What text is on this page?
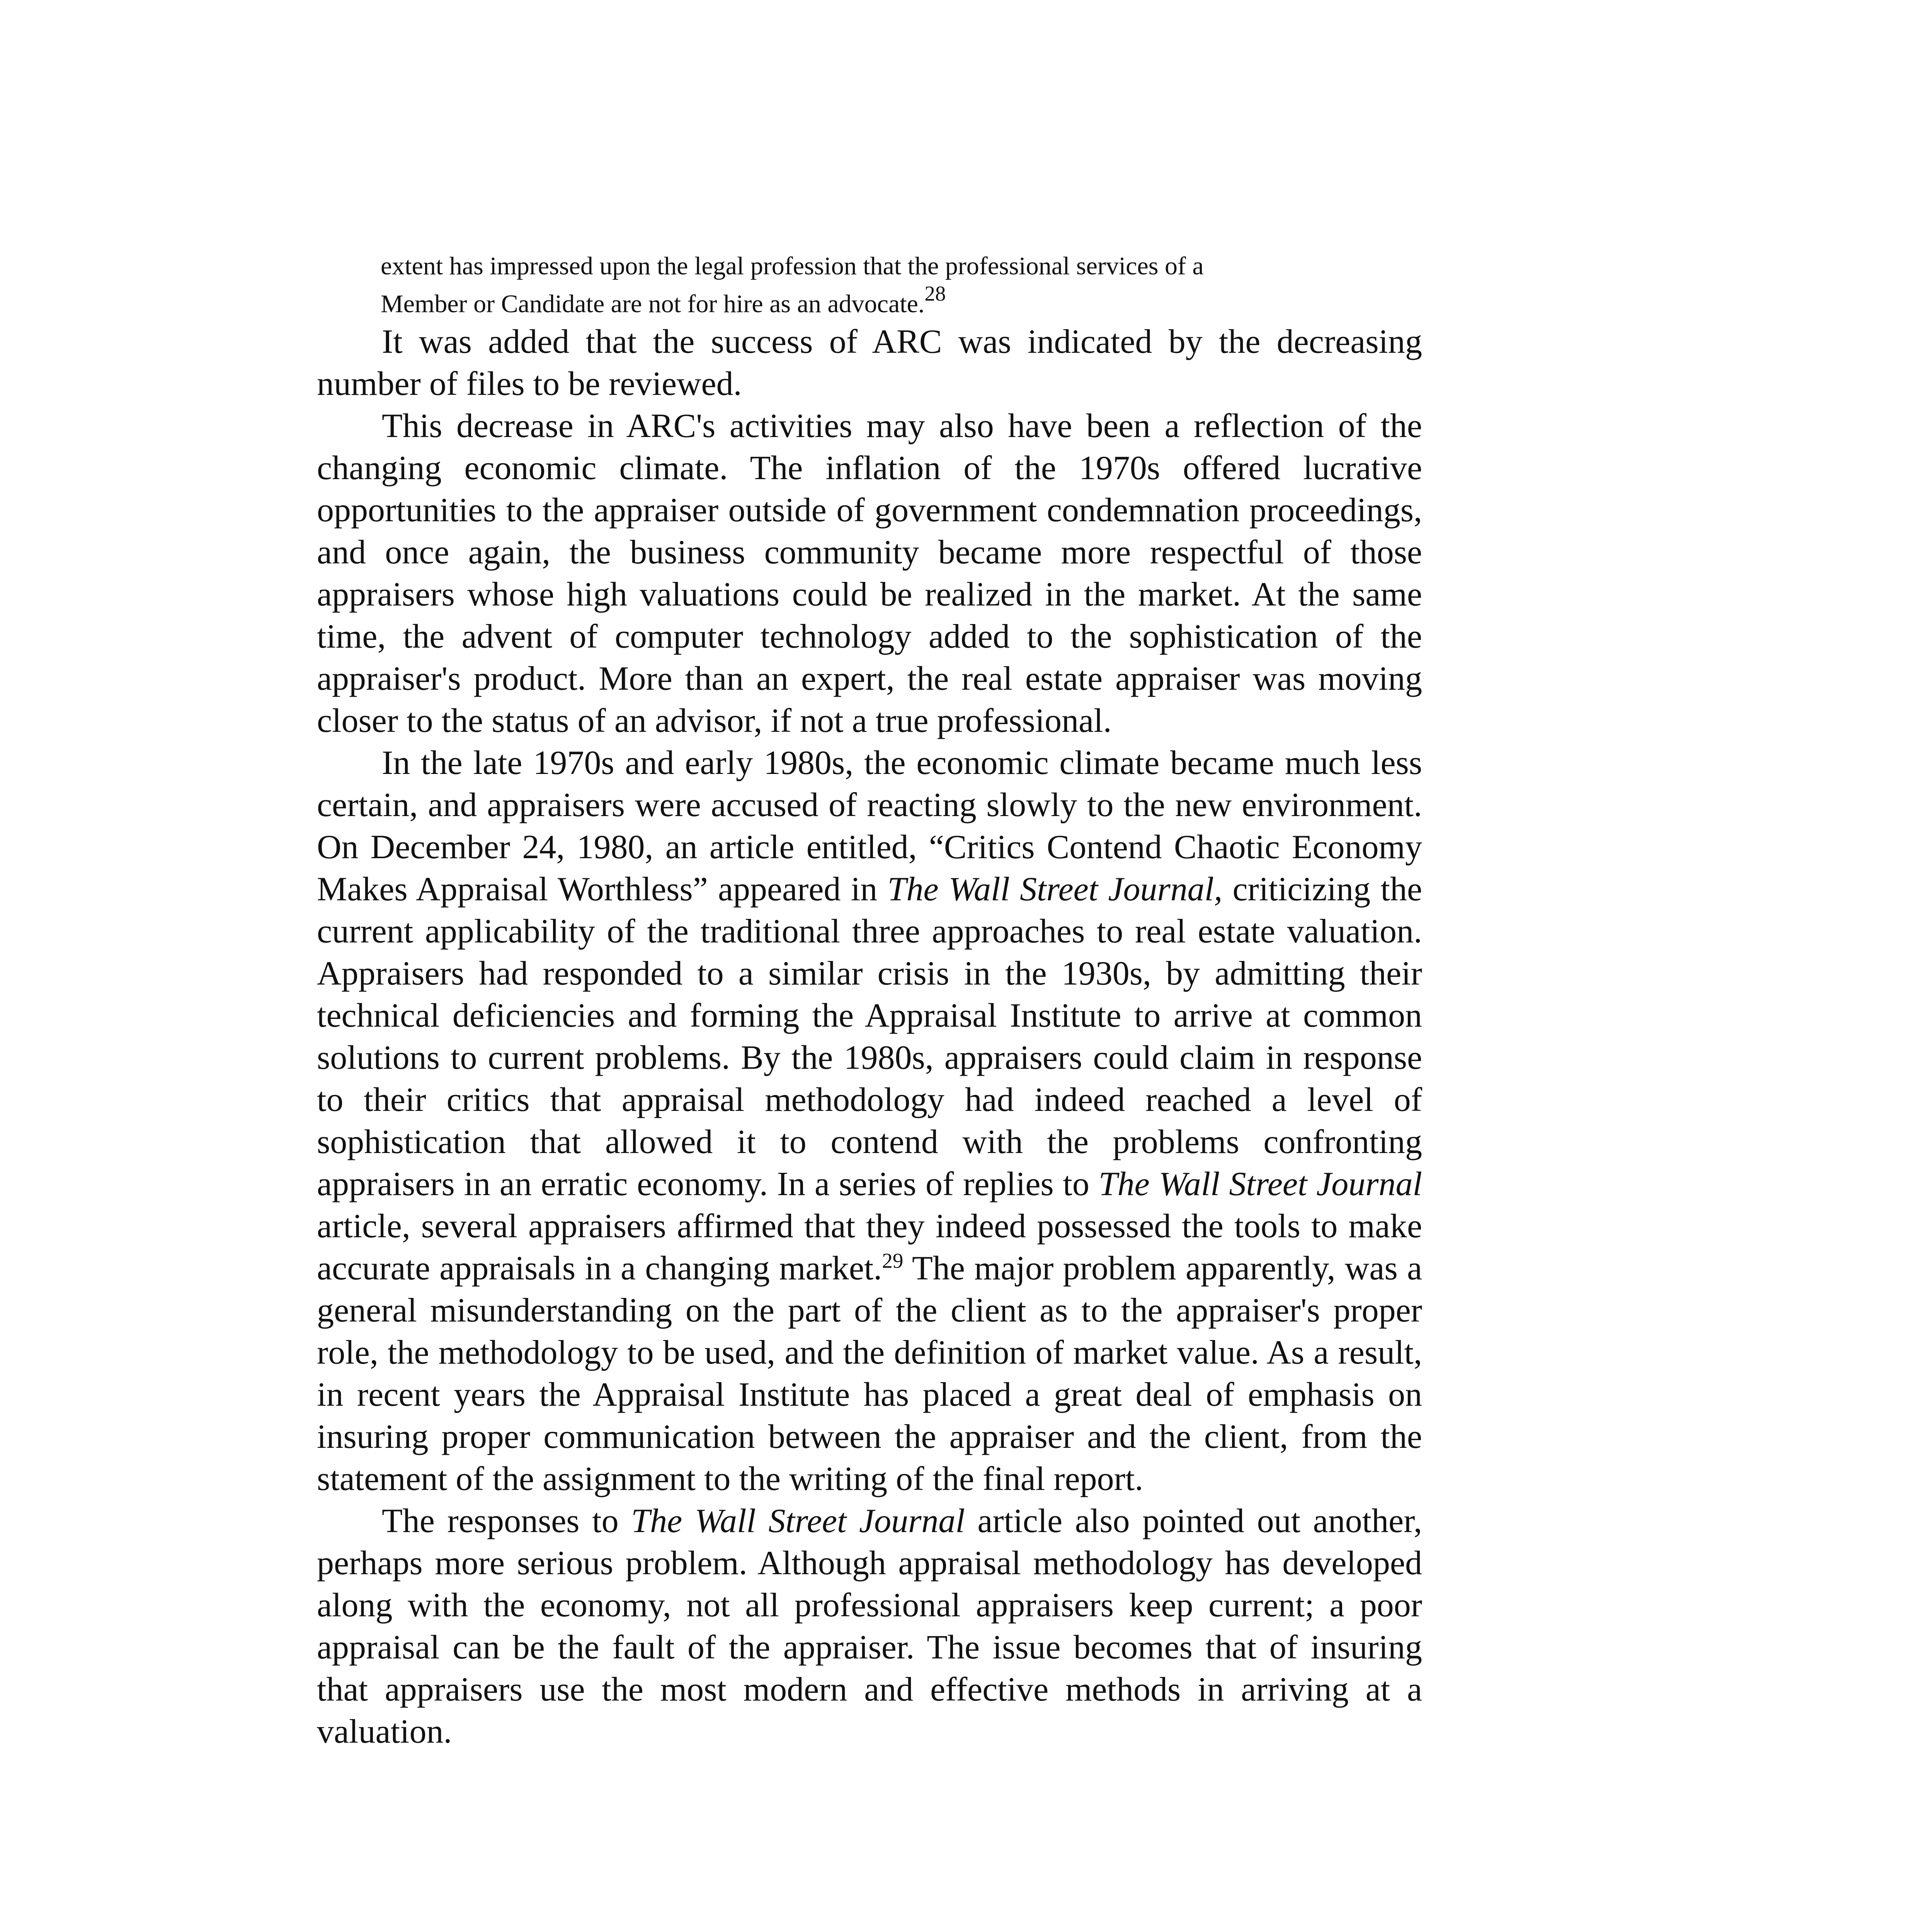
extent has impressed upon the legal profession that the professional services of a

Member or Candidate are not for hire as an advocate.$^{28}$

It was added that the success of ARC was indicated by the decreasing number of files to be reviewed.

This decrease in ARC's activities may also have been a reflection of the changing economic climate. The inflation of the 1970s offered lucrative opportunities to the appraiser outside of government condemnation proceedings, and once again, the business community became more respectful of those appraisers whose high valuations could be realized in the market. At the same time, the advent of computer technology added to the sophistication of the appraiser's product. More than an expert, the real estate appraiser was moving closer to the status of an advisor, if not a true professional.

In the late 1970s and early 1980s, the economic climate became much less certain, and appraisers were accused of reacting slowly to the new environment. On December 24, 1980, an article entitled, “Critics Contend Chaotic Economy Makes Appraisal Worthless” appeared in The Wall Street Journal, criticizing the current applicability of the traditional three approaches to real estate valuation. Appraisers had responded to a similar crisis in the 1930s, by admitting their technical deficiencies and forming the Appraisal Institute to arrive at common solutions to current problems. By the 1980s, appraisers could claim in response to their critics that appraisal methodology had indeed reached a level of sophistication that allowed it to contend with the problems confronting appraisers in an erratic economy. In a series of replies to The Wall Street Journal article, several appraisers affirmed that they indeed possessed the tools to make accurate appraisals in a changing market.$^{29}$ The major problem apparently, was a general misunderstanding on the part of the client as to the appraiser's proper role, the methodology to be used, and the definition of market value. As a result, in recent years the Appraisal Institute has placed a great deal of emphasis on insuring proper communication between the appraiser and the client, from the statement of the assignment to the writing of the final report.

The responses to The Wall Street Journal article also pointed out another, perhaps more serious problem. Although appraisal methodology has developed along with the economy, not all professional appraisers keep current; a poor appraisal can be the fault of the appraiser. The issue becomes that of insuring that appraisers use the most modern and effective methods in arriving at a valuation.
